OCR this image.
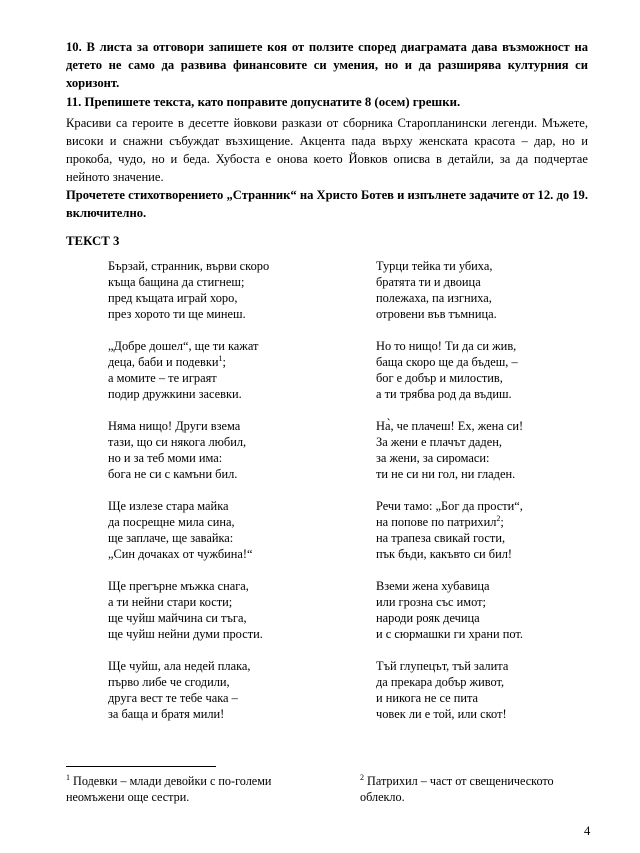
10. В листа за отговори запишете коя от ползите според диаграмата дава възможност на детето не само да развива финансовите си умения, но и да разширява културния си хоризонт.

11. Препишете текста, като поправите допуснатите 8 (осем) грешки.

Красиви са героите в десетте йовкови разкази от сборника Старопланински легенди. Мъжете, високи и снажни събуждат възхищение. Акцента пада върху женската красота – дар, но и прокоба, чудо, но и беда. Хубоста е онова което Йовков описва в детайли, за да подчертае нейното значение.

Прочетете стихотворението „Странник“ на Христо Ботев и изпълнете задачите от 12. до 19. включително.

ТЕКСТ 3

Бързай, странник, върви скоро
къща бащина да стигнеш;
пред къщата играй хоро,
през хорото ти ще минеш.
„Добре дошел“, ще ти кажат
деца, баби и подевки$^1$;
а момите – те играят
подир дружкини засевки.
Няма нищо! Други взема
тази, що си някога любил,
но и за теб моми има:
бога не си с камъни бил.
Ще излезе стара майка
да посрещне мила сина,
ще заплаче, ще завайка:
„Син дочаках от чужбина!“
Ще прегърне мъжка снага,
а ти нейни стари кости;
ще чуйш майчина си тъга,
ще чуйш нейни думи прости.
Ще чуйш, ала недей плака,
първо либе че сгодили,
друга вест те тебе чака –
за баща и братя мили!
Турци тейка ти убиха,
братята ти и двоица
полежаха, па изгниха,
отровени във тъмница.
Но то нищо! Ти да си жив,
баща скоро ще да бъдеш, –
бог е добър и милостив,
а ти трябва род да въдиш.
На̀, че плачеш! Ех, жена си!
За жени е плачът даден,
за жени, за сиромаси:
ти не си ни гол, ни гладен.
Речи тамо: „Бог да прости“,
на попове по патрихил$^2$;
на трапеза свикай гости,
пък бъди, какъвто си бил!
Вземи жена хубавица
или грозна със имот;
народи рояк дечица
и с сюрмашки ги храни пот.
Тъй глупецът, тъй залита
да прекара добър живот,
и никога не се пита
човек ли е той, или скот!
$^1$ Подевки – млади девойки с по-големи
неомъжени още сестри.
$^2$ Патрихил – част от свещеническото
облекло.
4
